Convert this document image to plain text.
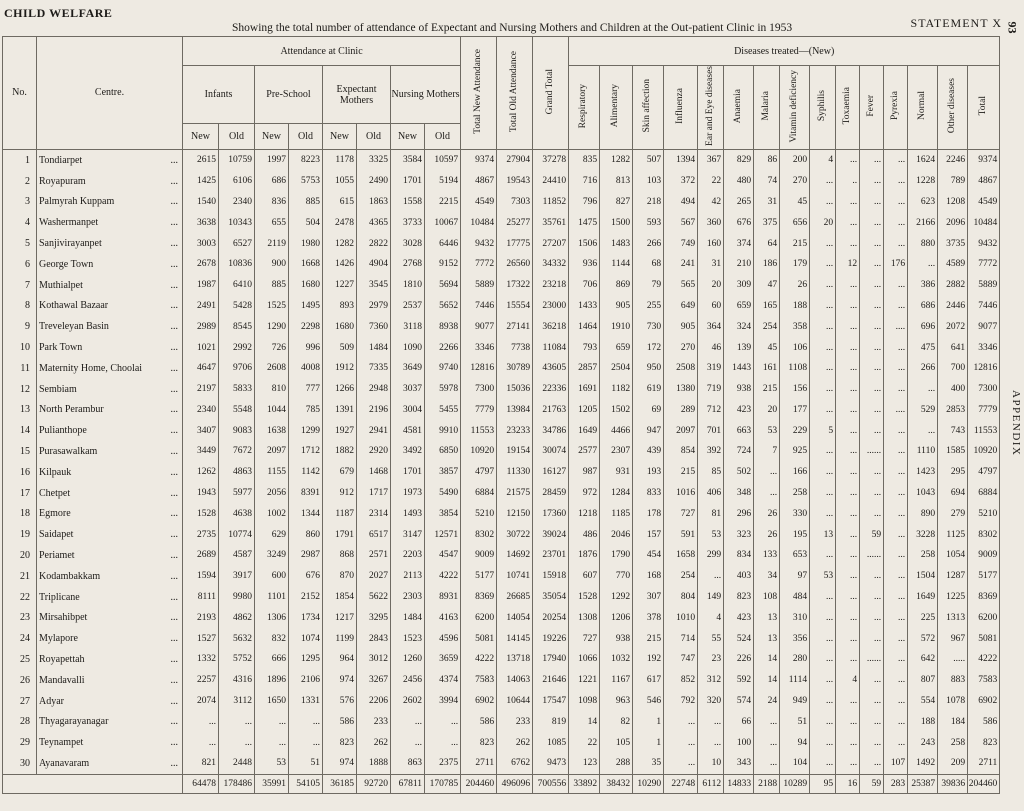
CHILD WELFARE
Showing the total number of attendance of Expectant and Nursing Mothers and Children at the Out-patient Clinic in 1953	STATEMENT X 93
APPENDIX
No.	Centre.	Attendance at Clinic								Total New Attendance	Total Old Attendance	Grand Total	Diseases treated—(New)														
		Infants		Pre-School		Expectant Mothers		Nursing Mothers					Respiratory	Alimentary	Skin affection	Influenza	Ear and Eye diseases	Anaemia	Malaria	Vitamin deficiency	Syphilis	Toxaemia	Fever	Pyrexia	Normal	Other diseases	Total
		New	Old	New	Old	New	Old	New	Old																		
1	Tondiarpet ...	2615	10759	1997	8223	1178	3325	3584	10597	9374	27904	37278	835	1282	507	1394	367	829	86	200	4	...	...	...	1624	2246	9374
2	Royapuram ...	1425	6106	686	5753	1055	2490	1701	5194	4867	19543	24410	716	813	103	372	22	480	74	270	...	..	...	...	1228	789	4867
3	Palmyrah Kuppam ...	1540	2340	836	885	615	1863	1558	2215	4549	7303	11852	796	827	218	494	42	265	31	45	...	...	...	...	623	1208	4549
4	Washermanpet ...	3638	10343	655	504	2478	4365	3733	10067	10484	25277	35761	1475	1500	593	567	360	676	375	656	20	...	...	...	2166	2096	10484
5	Sanjivirayanpet ...	3003	6527	2119	1980	1282	2822	3028	6446	9432	17775	27207	1506	1483	266	749	160	374	64	215	...	...	...	...	880	3735	9432
6	George Town ...	2678	10836	900	1668	1426	4904	2768	9152	7772	26560	34332	936	1144	68	241	31	210	186	179	...	12	...	176	...	4589	7772
7	Muthialpet ...	1987	6410	885	1680	1227	3545	1810	5694	5889	17322	23218	706	869	79	565	20	309	47	26	...	...	...	...	386	2882	5889
8	Kothawal Bazaar ...	2491	5428	1525	1495	893	2979	2537	5652	7446	15554	23000	1433	905	255	649	60	659	165	188	...	...	...	...	686	2446	7446
9	Treveleyan Basin ...	2989	8545	1290	2298	1680	7360	3118	8938	9077	27141	36218	1464	1910	730	905	364	324	254	358	...	...	...	....	696	2072	9077
10	Park Town ...	1021	2992	726	996	509	1484	1090	2266	3346	7738	11084	793	659	172	270	46	139	45	106	...	...	...	...	475	641	3346
11	Maternity Home, Choolai ...	4647	9706	2608	4008	1912	7335	3649	9740	12816	30789	43605	2857	2504	950	2508	319	1443	161	1108	...	...	...	...	266	700	12816
12	Sembiam ...	2197	5833	810	777	1266	2948	3037	5978	7300	15036	22336	1691	1182	619	1380	719	938	215	156	...	...	...	...	...	400	7300
13	North Perambur ...	2340	5548	1044	785	1391	2196	3004	5455	7779	13984	21763	1205	1502	69	289	712	423	20	177	...	...	...	....	529	2853	7779
14	Pulianthope ...	3407	9083	1638	1299	1927	2941	4581	9910	11553	23233	34786	1649	4466	947	2097	701	663	53	229	5	...	...	...	...	743	11553
15	Purasawalkam ...	3449	7672	2097	1712	1882	2920	3492	6850	10920	19154	30074	2577	2307	439	854	392	724	7	925	...	...	......	...	1110	1585	10920
16	Kilpauk ...	1262	4863	1155	1142	679	1468	1701	3857	4797	11330	16127	987	931	193	215	85	502	...	166	...	...	...	...	1423	295	4797
17	Chetpet ...	1943	5977	2056	8391	912	1717	1973	5490	6884	21575	28459	972	1284	833	1016	406	348	...	258	...	...	...	...	1043	694	6884
18	Egmore ...	1528	4638	1002	1344	1187	2314	1493	3854	5210	12150	17360	1218	1185	178	727	81	296	26	330	...	...	...	...	890	279	5210
19	Saidapet ...	2735	10774	629	860	1791	6517	3147	12571	8302	30722	39024	486	2046	157	591	53	323	26	195	13	...	59	...	3228	1125	8302
20	Periamet ...	2689	4587	3249	2987	868	2571	2203	4547	9009	14692	23701	1876	1790	454	1658	299	834	133	653	...	...	......	...	258	1054	9009
21	Kodambakkam ...	1594	3917	600	676	870	2027	2113	4222	5177	10741	15918	607	770	168	254	...	403	34	97	53	...	...	...	1504	1287	5177
22	Triplicane ...	8111	9980	1101	2152	1854	5622	2303	8931	8369	26685	35054	1528	1292	307	804	149	823	108	484	...	...	...	...	1649	1225	8369
23	Mirsahibpet ...	2193	4862	1306	1734	1217	3295	1484	4163	6200	14054	20254	1308	1206	378	1010	4	423	13	310	...	...	...	...	225	1313	6200
24	Mylapore ...	1527	5632	832	1074	1199	2843	1523	4596	5081	14145	19226	727	938	215	714	55	524	13	356	...	...	...	...	572	967	5081
25	Royapettah ...	1332	5752	666	1295	964	3012	1260	3659	4222	13718	17940	1066	1032	192	747	23	226	14	280	...	...	......	...	642	.....	4222
26	Mandavalli ...	2257	4316	1896	2106	974	3267	2456	4374	7583	14063	21646	1221	1167	617	852	312	592	14	1114	...	4	...	...	807	883	7583
27	Adyar ...	2074	3112	1650	1331	576	2206	2602	3994	6902	10644	17547	1098	963	546	792	320	574	24	949	...	...	...	...	554	1078	6902
28	Thyagarayanagar ...	...	...	...	...	586	233	...	...	586	233	819	14	82	1	...	...	66	...	51	...	...	...	...	188	184	586
29	Teynampet ...	...	...	...	...	823	262	...	...	823	262	1085	22	105	1	...	...	100	...	94	...	...	...	...	243	258	823
30	Ayanavaram ...	821	2448	53	51	974	1888	863	2375	2711	6762	9473	123	288	35	...	10	343	...	104	...	...	...	107	1492	209	2711
		64478	178486	35991	54105	36185	92720	67811	170785	204460	496096	700556	33892	38432	10290	22748	6112	14833	2188	10289	95	16	59	283	25387	39836	204460
